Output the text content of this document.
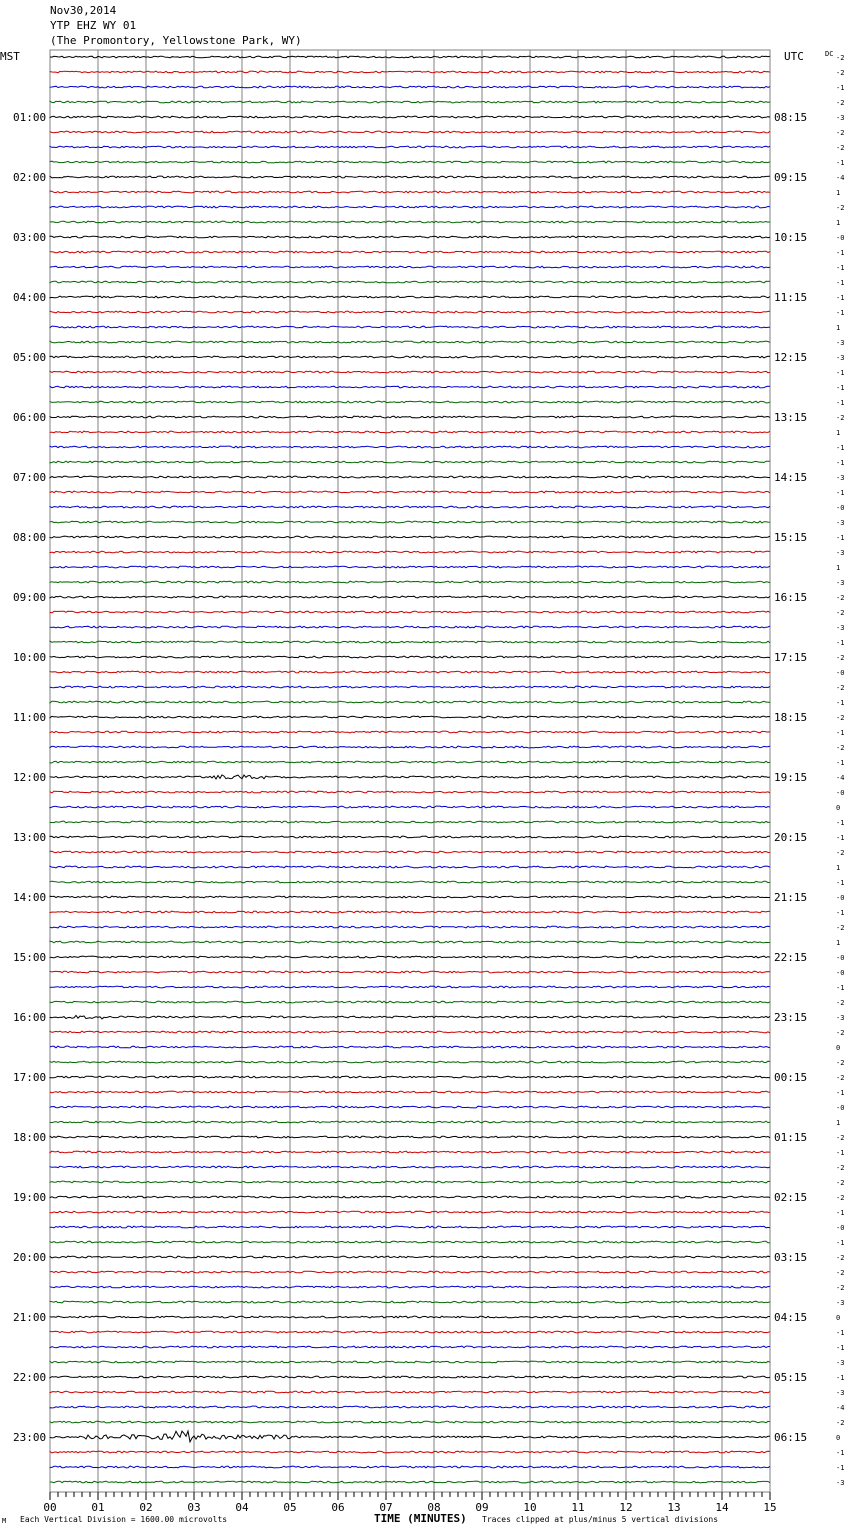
Nov30,2014
YTP EHZ WY 01
(The Promontory, Yellowstone Park, WY)
MST	UTC	DC
01:00
02:00
03:00
04:00
05:00
06:00
07:00
08:00
09:00
10:00
11:00
12:00
13:00
14:00
15:00
16:00
17:00
18:00
19:00
20:00
21:00
22:00
23:00
08:15
09:15
10:15
11:15
12:15
13:15
14:15
15:15
16:15
17:15
18:15
19:15
20:15
21:15
22:15
23:15
00:15
01:15
02:15
03:15
04:15
05:15
06:15
-2
-2
-1
-2
-3
-2
-2
-1
-4
1
-2
1
-0
-1
-1
-1
-1
-1
1
-3
-3
-1
-1
-1
-2
1
-1
-1
-3
-1
-0
-3
-1
-3
1
-3
-2
-2
-3
-1
-2
-0
-2
-1
-2
-1
-2
-1
-4
-0
0
-1
-1
-2
1
-1
-0
-1
-2
1
-0
-0
-1
-2
-3
-2
0
-2
-2
-1
-0
1
-2
-1
-2
-2
-2
-1
-0
-1
-2
-2
-2
-3
0
-1
-1
-3
-1
-3
-4
-2
0
-1
-1
-3
00	01	02	03	04	05	06	07	08	09	10	11	12	13	14	15
M Each Vertical Division = 1600.00 microvolts	TIME (MINUTES) Traces clipped at plus/minus 5 vertical divisions
